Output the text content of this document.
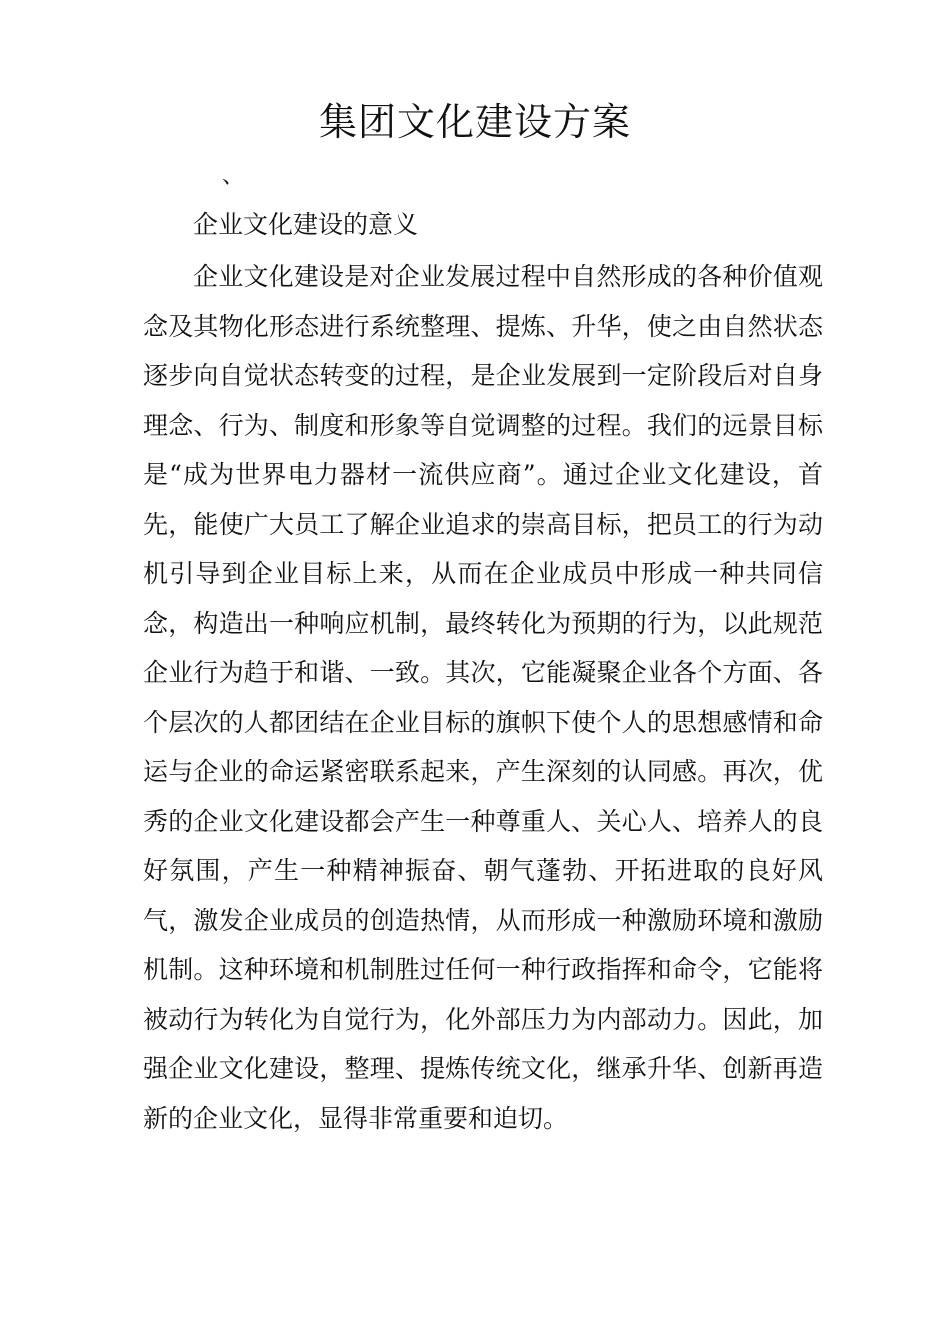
集团文化建设方案
、
企业文化建设的意义

企业文化建设是对企业发展过程中自然形成的各种价值观念及其物化形态进行系统整理、提炼、升华，使之由自然状态逐步向自觉状态转变的过程，是企业发展到一定阶段后对自身理念、行为、制度和形象等自觉调整的过程。我们的远景目标是“成为世界电力器材一流供应商”。通过企业文化建设，首先，能使广大员工了解企业追求的崇高目标，把员工的行为动机引导到企业目标上来，从而在企业成员中形成一种共同信念，构造出一种响应机制，最终转化为预期的行为，以此规范企业行为趋于和谐、一致。其次，它能凝聚企业各个方面、各个层次的人都团结在企业目标的旗帜下使个人的思想感情和命运与企业的命运紧密联系起来，产生深刻的认同感。再次，优秀的企业文化建设都会产生一种尊重人、关心人、培养人的良好氛围，产生一种精神振奋、朝气蓬勃、开拓进取的良好风气，激发企业成员的创造热情，从而形成一种激励环境和激励机制。这种环境和机制胜过任何一种行政指挥和命令，它能将被动行为转化为自觉行为，化外部压力为内部动力。因此，加强企业文化建设，整理、提炼传统文化，继承升华、创新再造新的企业文化，显得非常重要和迫切。
